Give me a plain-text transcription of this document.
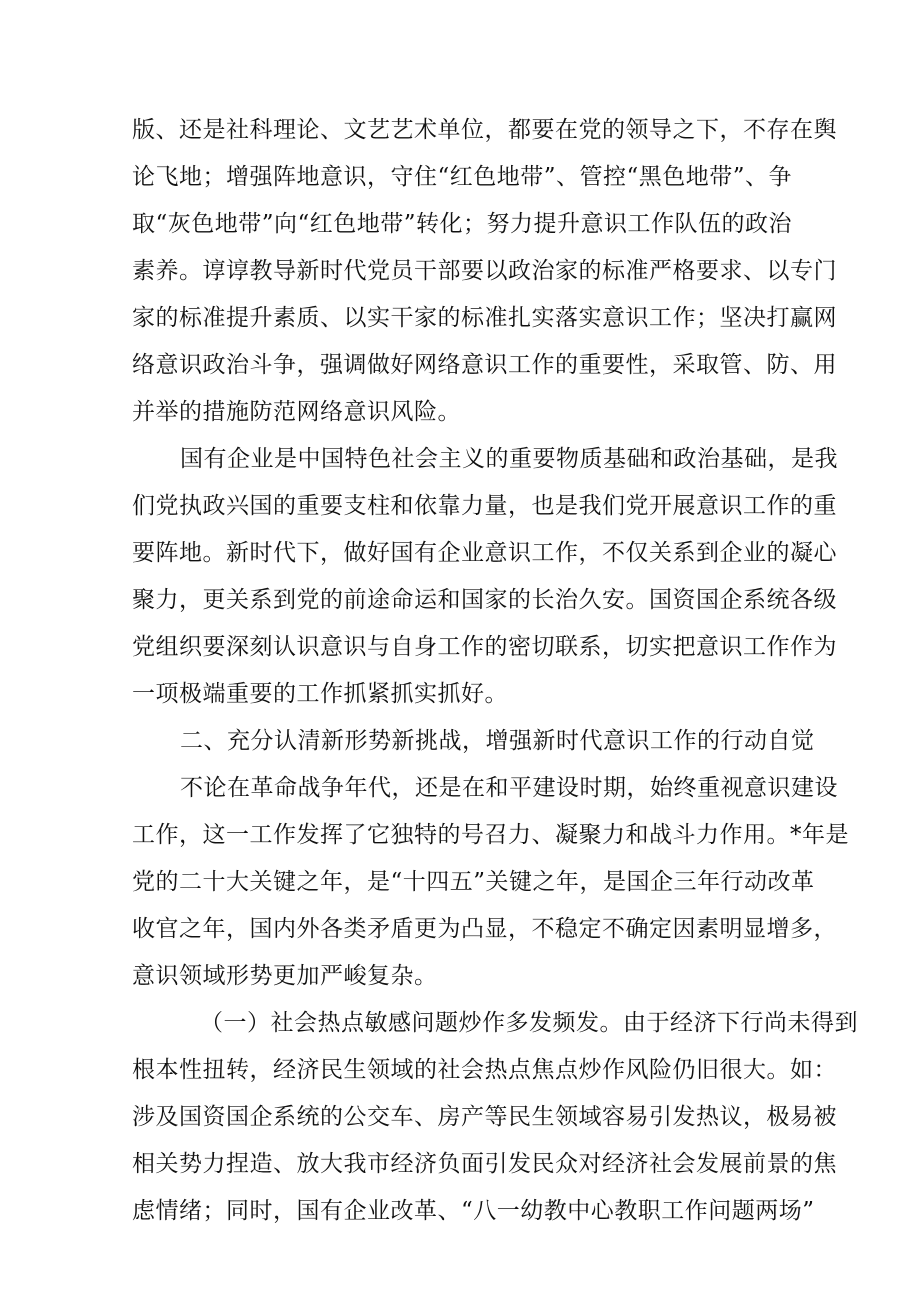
版、还是社科理论、文艺艺术单位，都要在党的领导之下，不存在舆
论飞地；增强阵地意识，守住“红色地带”、管控“黑色地带”、争
取“灰色地带”向“红色地带”转化；努力提升意识工作队伍的政治
素养。谆谆教导新时代党员干部要以政治家的标准严格要求、以专门
家的标准提升素质、以实干家的标准扎实落实意识工作；坚决打赢网
络意识政治斗争，强调做好网络意识工作的重要性，采取管、防、用
并举的措施防范网络意识风险。
国有企业是中国特色社会主义的重要物质基础和政治基础，是我
们党执政兴国的重要支柱和依靠力量，也是我们党开展意识工作的重
要阵地。新时代下，做好国有企业意识工作，不仅关系到企业的凝心
聚力，更关系到党的前途命运和国家的长治久安。国资国企系统各级
党组织要深刻认识意识与自身工作的密切联系，切实把意识工作作为
一项极端重要的工作抓紧抓实抓好。
二、充分认清新形势新挑战，增强新时代意识工作的行动自觉
不论在革命战争年代，还是在和平建设时期，始终重视意识建设
工作，这一工作发挥了它独特的号召力、凝聚力和战斗力作用。*年是
党的二十大关键之年，是“十四五”关键之年，是国企三年行动改革
收官之年，国内外各类矛盾更为凸显，不稳定不确定因素明显增多，
意识领域形势更加严峻复杂。
（一）社会热点敏感问题炒作多发频发。由于经济下行尚未得到
根本性扭转，经济民生领域的社会热点焦点炒作风险仍旧很大。如：
涉及国资国企系统的公交车、房产等民生领域容易引发热议，极易被
相关势力捏造、放大我市经济负面引发民众对经济社会发展前景的焦
虑情绪；同时，国有企业改革、“八一幼教中心教职工作问题两场”
